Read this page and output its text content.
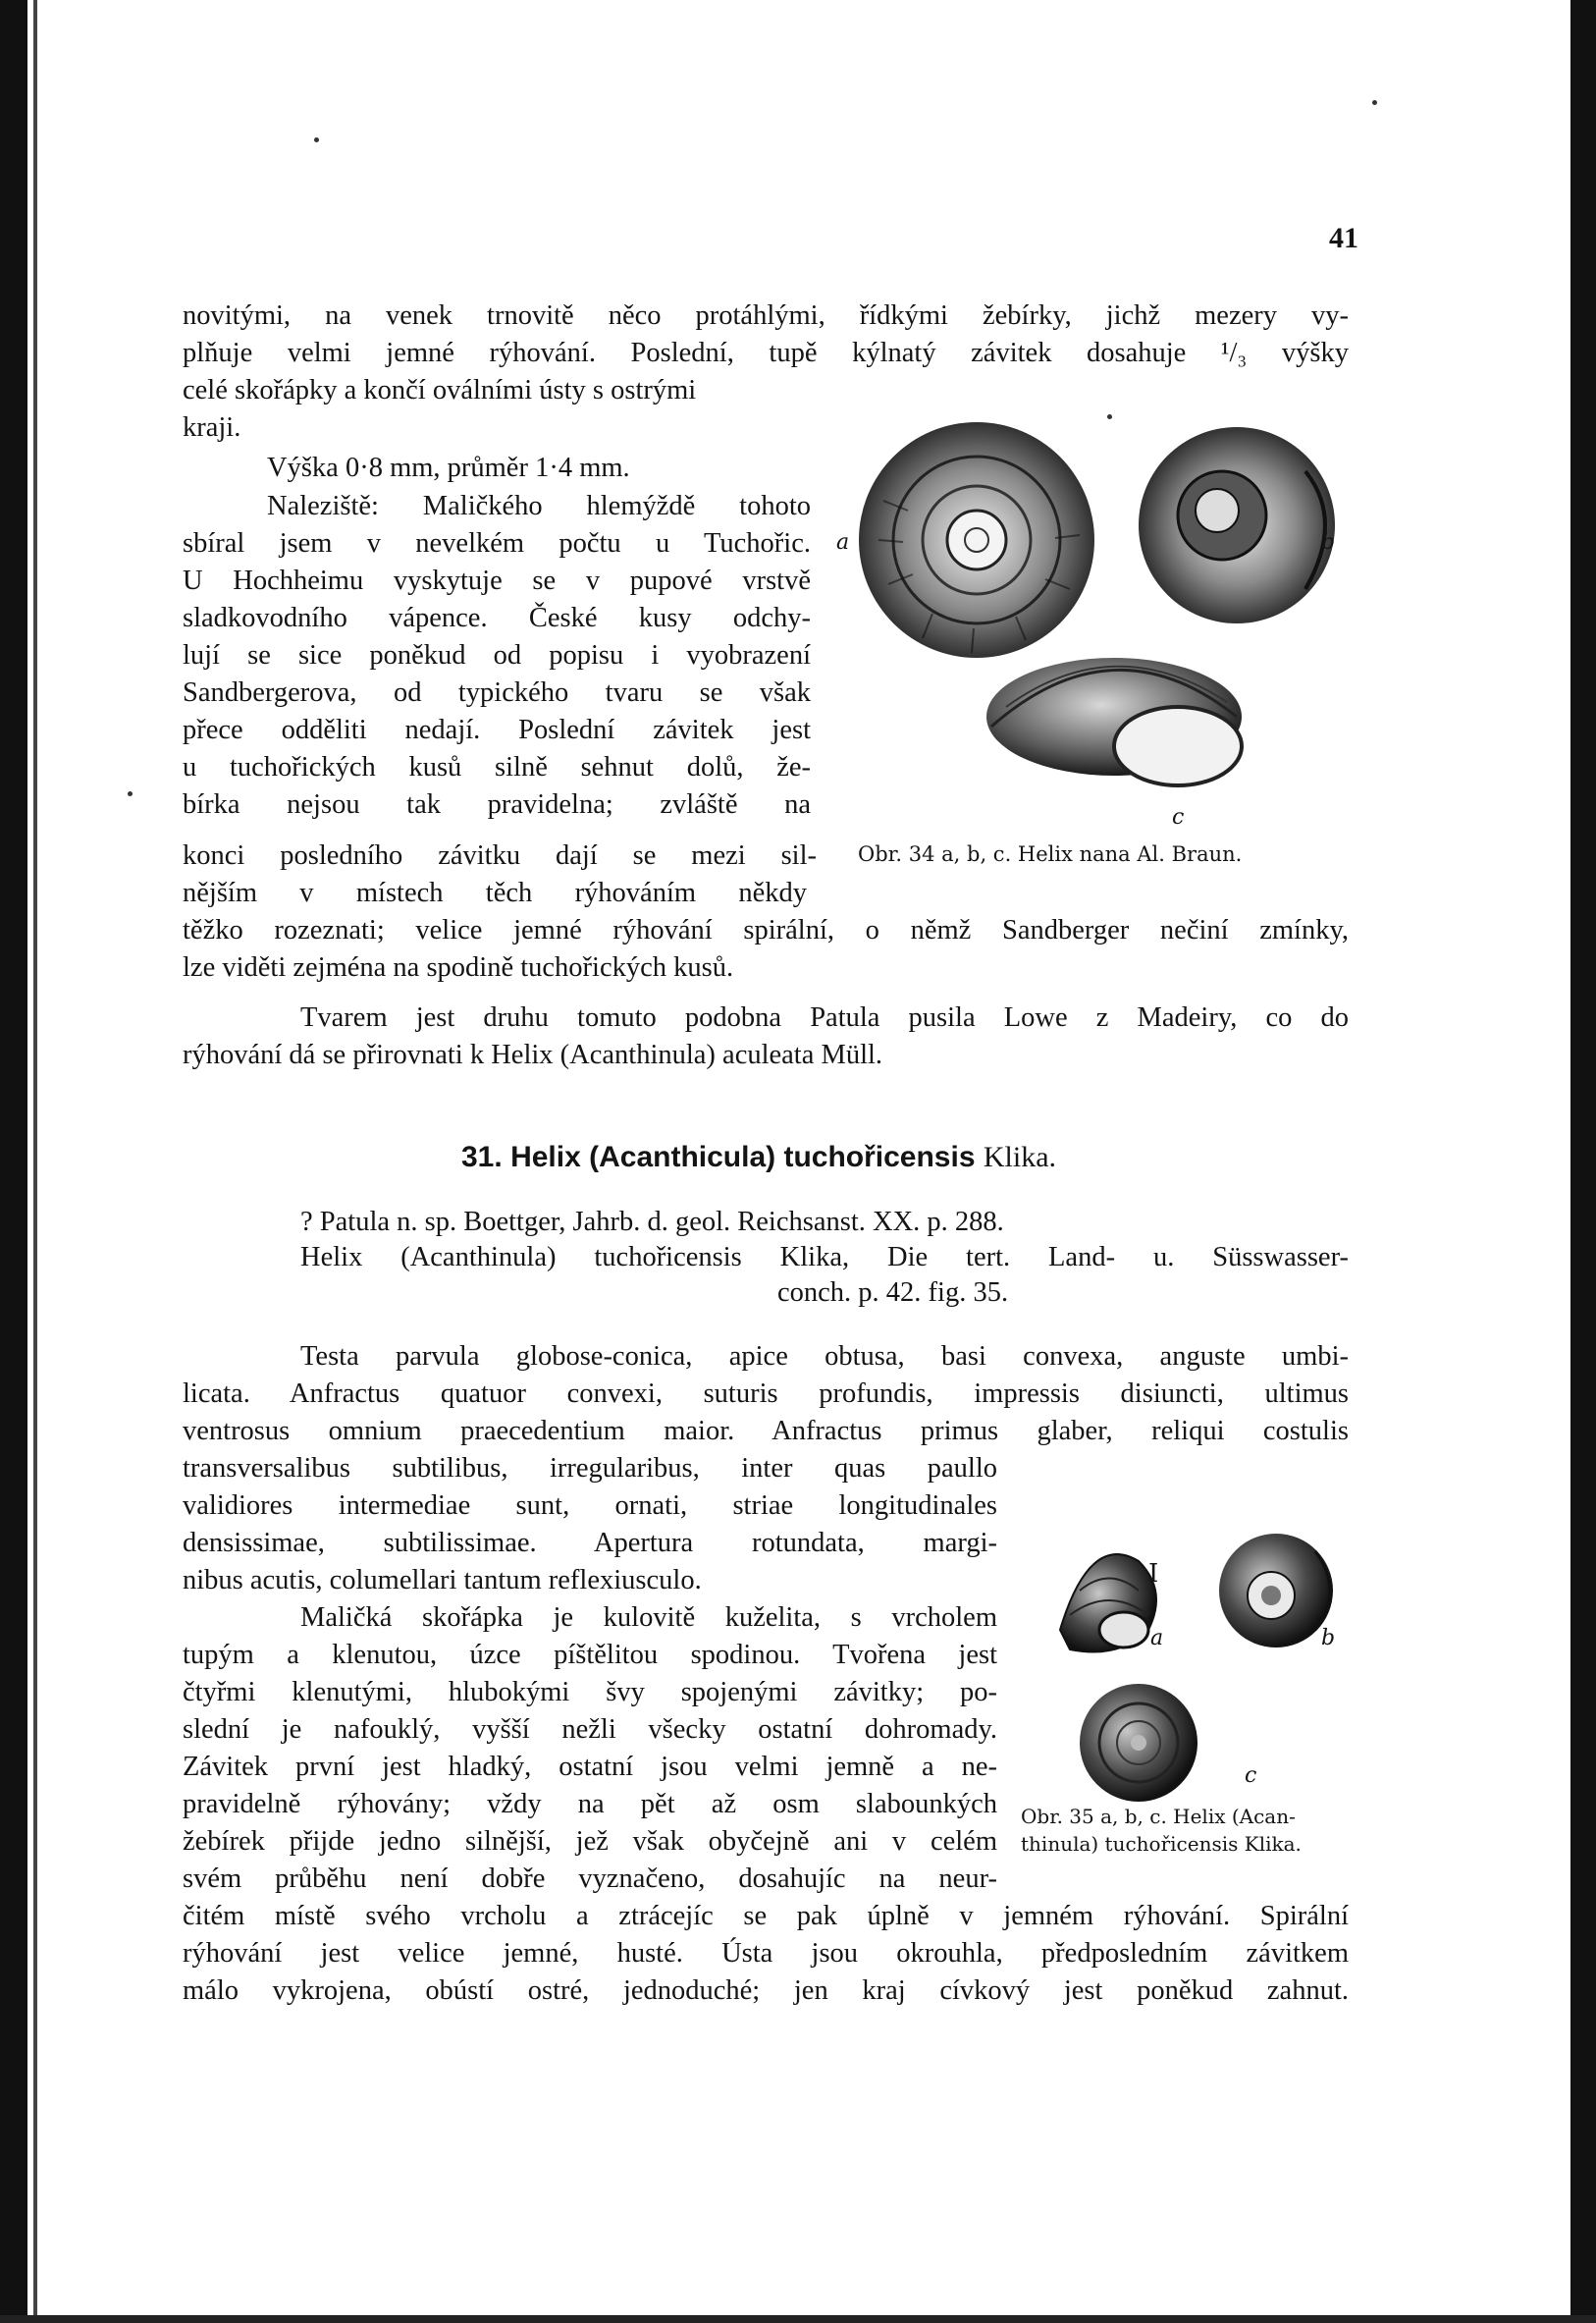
41
novitými, na venek trnovitě něco protáhlými, řídkými žebírky, jichž mezery vy-
plňuje velmi jemné rýhování. Poslední, tupě kýlnatý závitek dosahuje ¹/₃ výšky
celé skořápky a končí oválními ústy s ostrými
kraji.
Výška 0·8 mm, průměr 1·4 mm.
Naleziště: Maličkého hlemýždě tohoto
sbíral jsem v nevelkém počtu u Tuchořic.
U Hochheimu vyskytuje se v pupové vrstvě
sladkovodního vápence. České kusy odchy-
lují se sice poněkud od popisu i vyobrazení
Sandbergerova, od typického tvaru se však
přece odděliti nedají. Poslední závitek jest
u tuchořických kusů silně sehnut dolů, že-
bírka nejsou tak pravidelna; zvláště na
konci posledního závitku dají se mezi sil-
nějším v místech těch rýhováním někdy
těžko rozeznati; velice jemné rýhování spirální, o němž Sandberger nečiní zmínky,
lze viděti zejména na spodině tuchořických kusů.
Tvarem jest druhu tomuto podobna Patula pusila Lowe z Madeiry, co do
rýhování dá se přirovnati k Helix (Acanthinula) aculeata Müll.
a	b
c
Obr. 34 a, b, c. Helix nana Al. Braun.
31. Helix (Acanthicula) tuchořicensis Klika.
? Patula n. sp. Boettger, Jahrb. d. geol. Reichsanst. XX. p. 288.
Helix (Acanthinula) tuchořicensis Klika, Die tert. Land- u. Süsswasser-
conch. p. 42. fig. 35.
Testa parvula globose-conica, apice obtusa, basi convexa, anguste umbi-
licata. Anfractus quatuor convexi, suturis profundis, impressis disiuncti, ultimus
ventrosus omnium praecedentium maior. Anfractus primus glaber, reliqui costulis
transversalibus subtilibus, irregularibus, inter quas paullo
validiores intermediae sunt, ornati, striae longitudinales
densissimae, subtilissimae. Apertura rotundata, margi-
nibus acutis, columellari tantum reflexiusculo.
Maličká skořápka je kulovitě kuželita, s vrcholem
tupým a klenutou, úzce píštělitou spodinou. Tvořena jest
čtyřmi klenutými, hlubokými švy spojenými závitky; po-
slední je nafouklý, vyšší nežli všecky ostatní dohromady.
Závitek první jest hladký, ostatní jsou velmi jemně a ne-
pravidelně rýhovány; vždy na pět až osm slabounkých
žebírek přijde jedno silnější, jež však obyčejně ani v celém
svém průběhu není dobře vyznačeno, dosahujíc na neur-
čitém místě svého vrcholu a ztrácejíc se pak úplně v jemném rýhování. Spirální
rýhování jest velice jemné, husté. Ústa jsou okrouhla, předposledním závitkem
málo vykrojena, obústí ostré, jednoduché; jen kraj cívkový jest poněkud zahnut.
I
a	b
c
Obr. 35 a, b, c. Helix (Acan-
thinula) tuchořicensis Klika.
